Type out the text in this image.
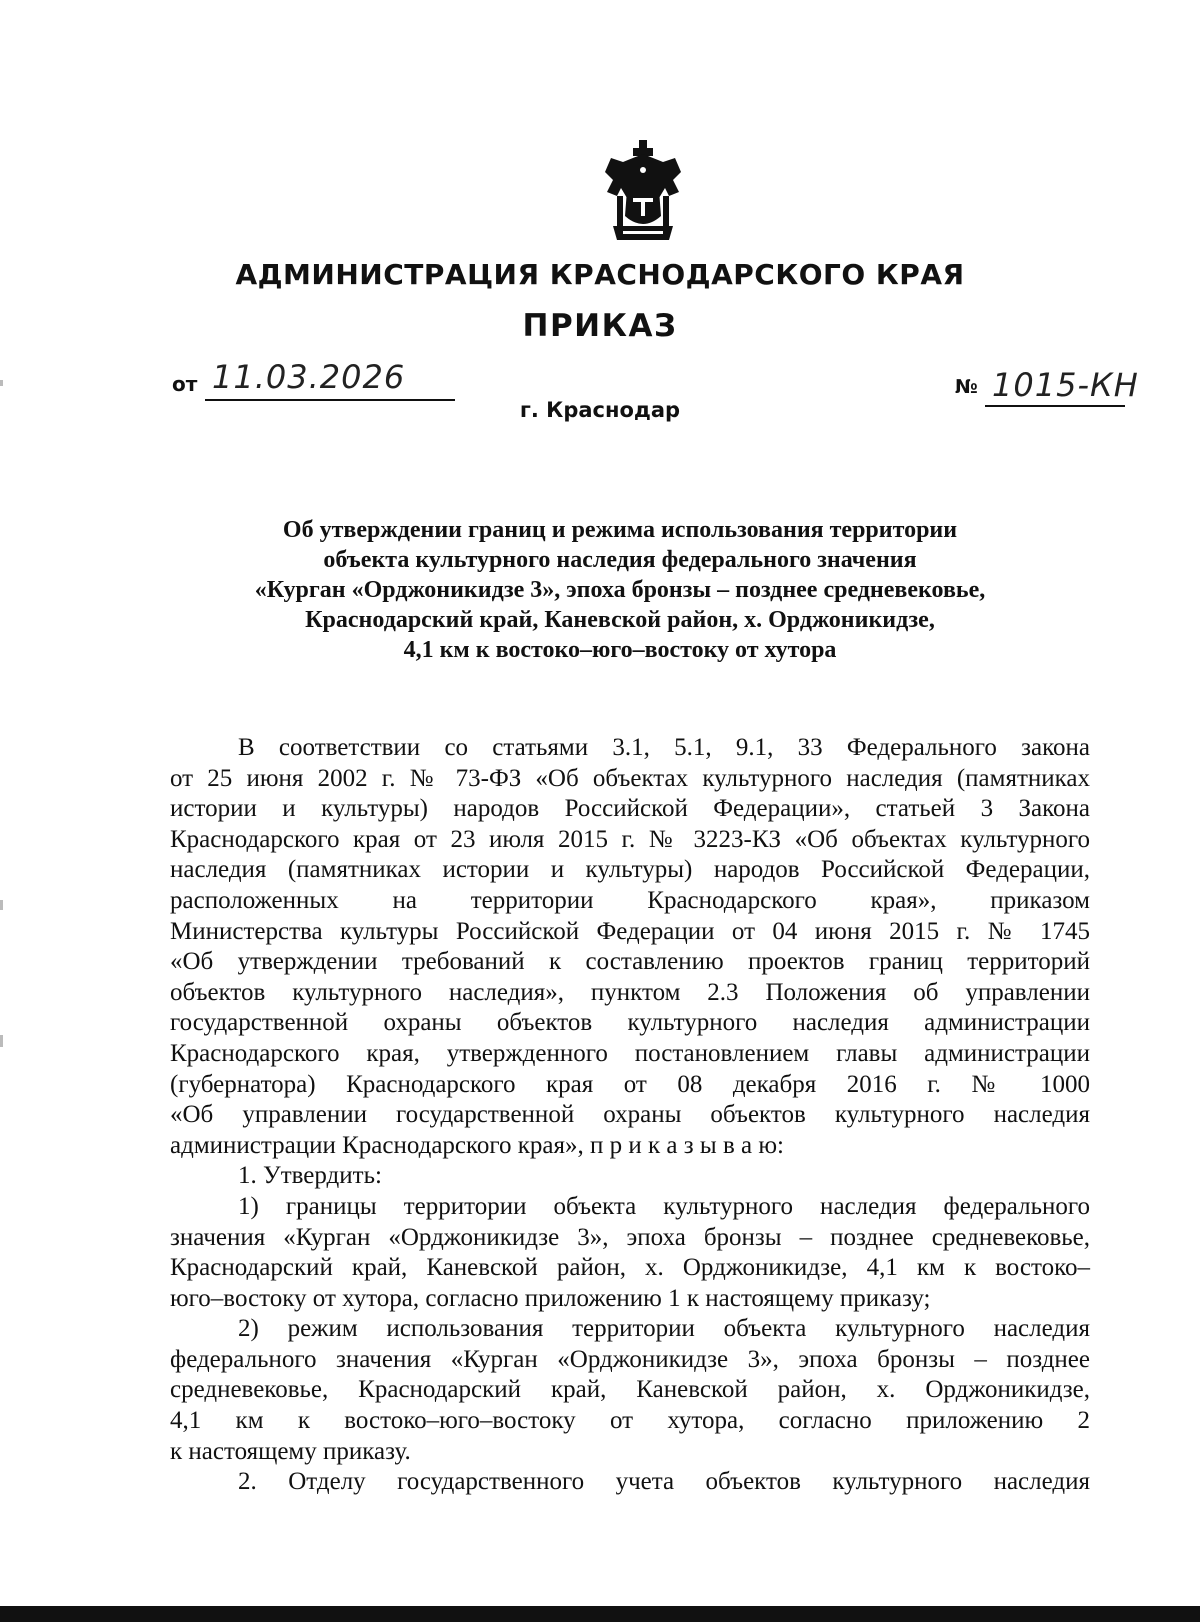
АДМИНИСТРАЦИЯ КРАСНОДАРСКОГО КРАЯ
ПРИКАЗ
от 11.03.2026
г. Краснодар
№ 1015-КН
Об утверждении границ и режима использования территории
объекта культурного наследия федерального значения
«Курган «Орджоникидзе 3», эпоха бронзы – позднее средневековье,
Краснодарский край, Каневской район, х. Орджоникидзе,
4,1 км к востоко–юго–востоку от хутора
В соответствии со статьями 3.1, 5.1, 9.1, 33 Федерального закона
от 25 июня 2002 г. № 73-ФЗ «Об объектах культурного наследия (памятниках
истории и культуры) народов Российской Федерации», статьей 3 Закона
Краснодарского края от 23 июля 2015 г. № 3223-КЗ «Об объектах культурного
наследия (памятниках истории и культуры) народов Российской Федерации,
расположенных на территории Краснодарского края», приказом
Министерства культуры Российской Федерации от 04 июня 2015 г. № 1745
«Об утверждении требований к составлению проектов границ территорий
объектов культурного наследия», пунктом 2.3 Положения об управлении
государственной охраны объектов культурного наследия администрации
Краснодарского края, утвержденного постановлением главы администрации
(губернатора) Краснодарского края от 08 декабря 2016 г. № 1000
«Об управлении государственной охраны объектов культурного наследия
администрации Краснодарского края», п р и к а з ы в а ю:
1. Утвердить:
1) границы территории объекта культурного наследия федерального
значения «Курган «Орджоникидзе 3», эпоха бронзы – позднее средневековье,
Краснодарский край, Каневской район, х. Орджоникидзе, 4,1 км к востоко–
юго–востоку от хутора, согласно приложению 1 к настоящему приказу;
2) режим использования территории объекта культурного наследия
федерального значения «Курган «Орджоникидзе 3», эпоха бронзы – позднее
средневековье, Краснодарский край, Каневской район, х. Орджоникидзе,
4,1 км к востоко–юго–востоку от хутора, согласно приложению 2
к настоящему приказу.
2. Отделу государственного учета объектов культурного наследия
